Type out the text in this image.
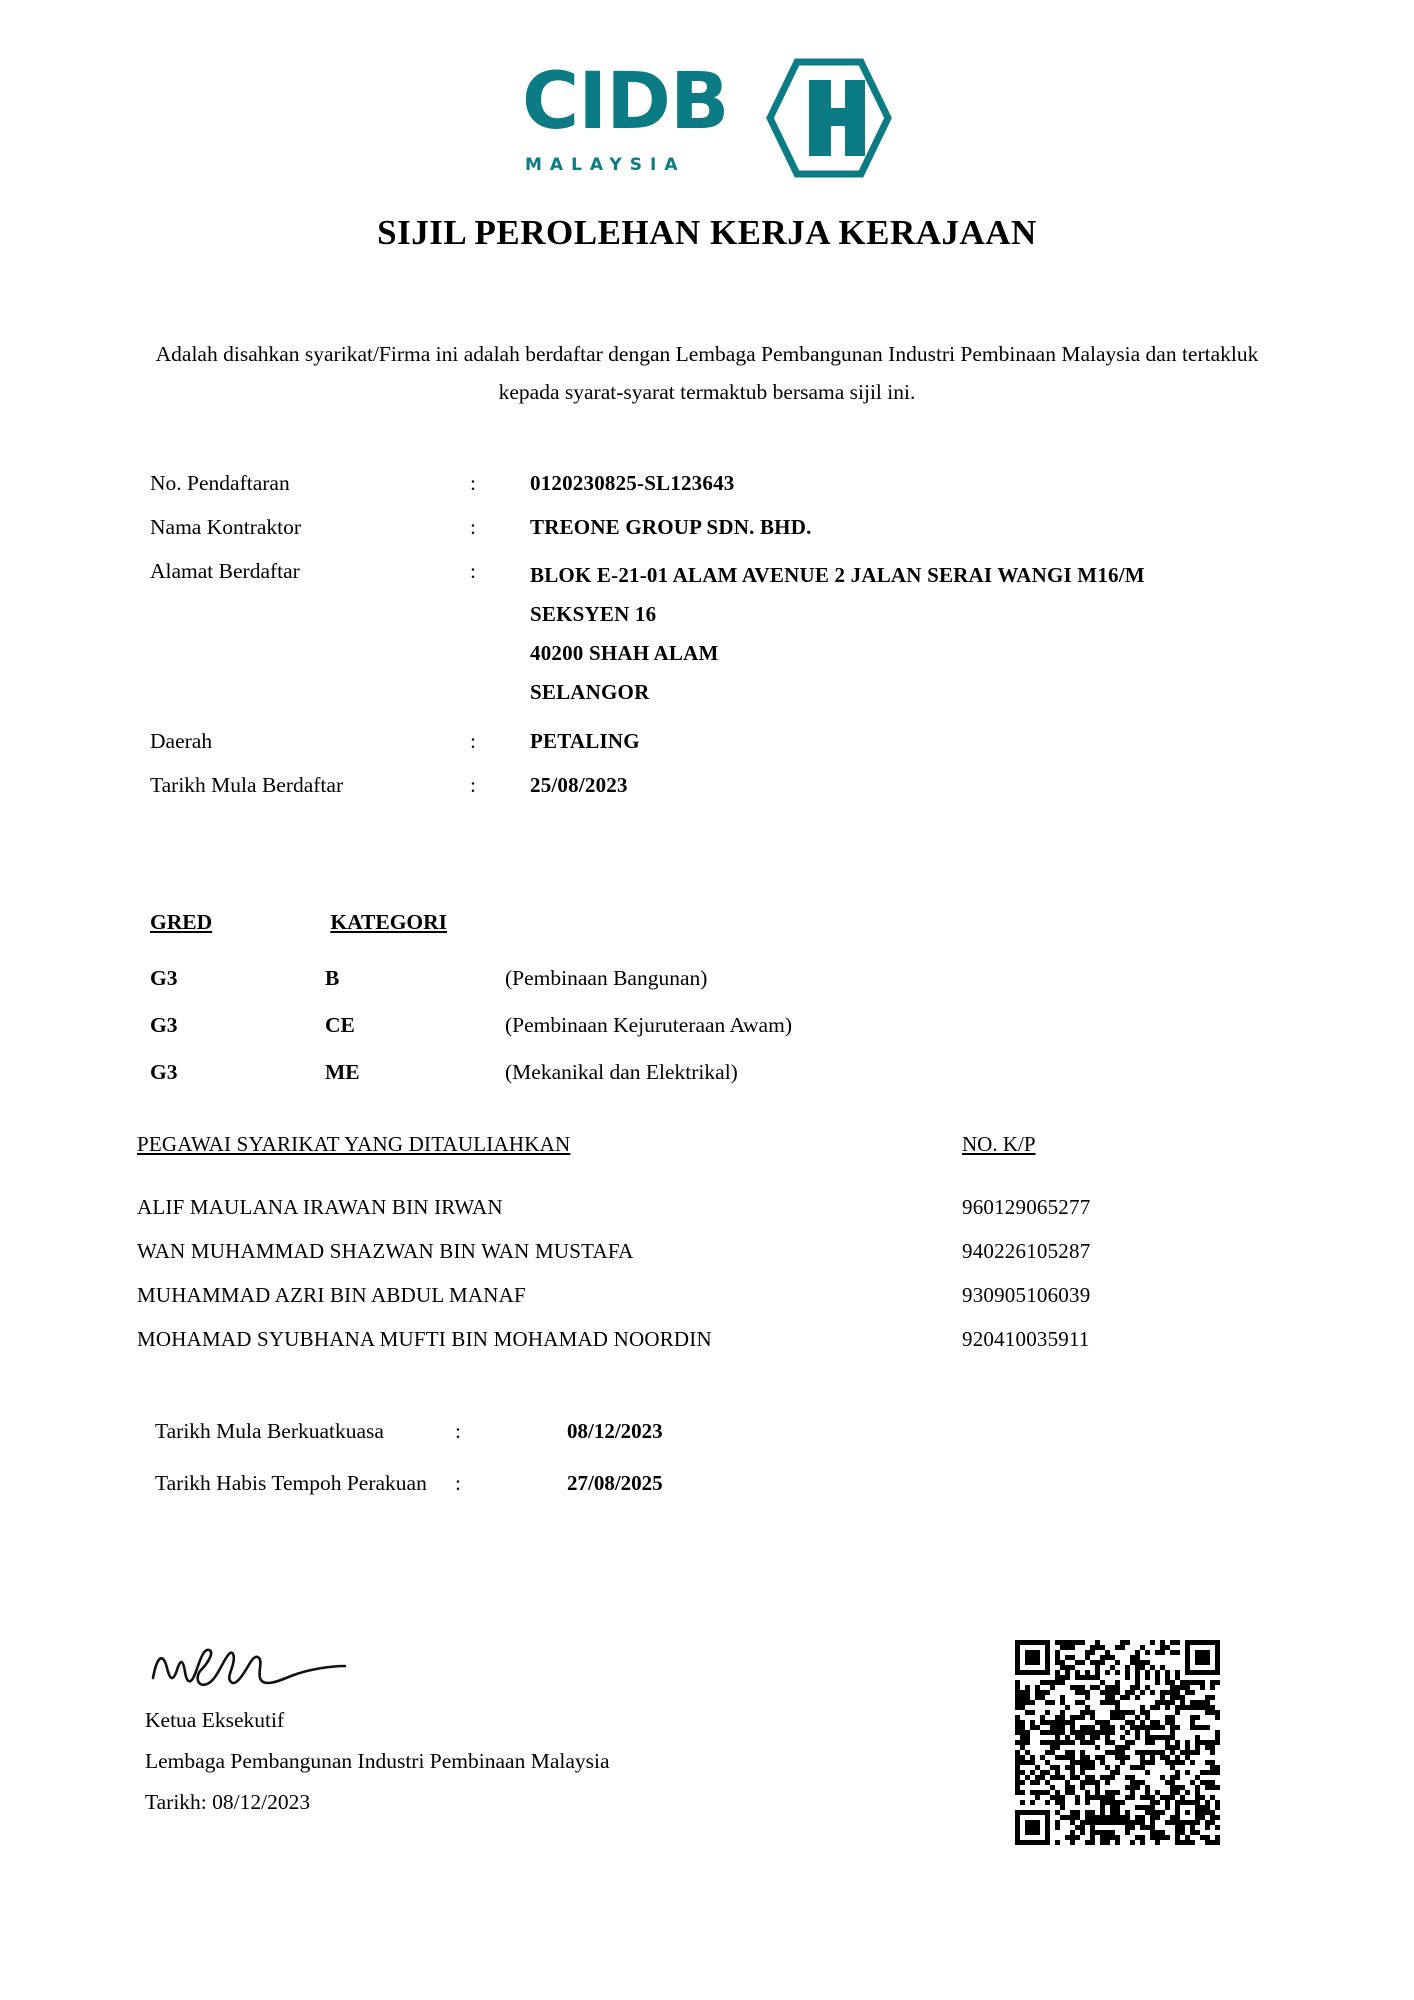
CIDB
MALAYSIA
SIJIL PEROLEHAN KERJA KERAJAAN
Adalah disahkan syarikat/Firma ini adalah berdaftar dengan Lembaga Pembangunan Industri Pembinaan Malaysia dan tertakluk kepada syarat-syarat termaktub bersama sijil ini.
No. Pendaftaran	:	0120230825-SL123643
Nama Kontraktor	:	TREONE GROUP SDN. BHD.
Alamat Berdaftar	:	BLOK E-21-01 ALAM AVENUE 2 JALAN SERAI WANGI M16/M
SEKSYEN 16
40200 SHAH ALAM
SELANGOR
Daerah	:	PETALING
Tarikh Mula Berdaftar	:	25/08/2023
GRED	KATEGORI
G3	B	(Pembinaan Bangunan)
G3	CE	(Pembinaan Kejuruteraan Awam)
G3	ME	(Mekanikal dan Elektrikal)
PEGAWAI SYARIKAT YANG DITAULIAHKAN	NO. K/P
ALIF MAULANA IRAWAN BIN IRWAN	960129065277
WAN MUHAMMAD SHAZWAN BIN WAN MUSTAFA	940226105287
MUHAMMAD AZRI BIN ABDUL MANAF	930905106039
MOHAMAD SYUBHANA MUFTI BIN MOHAMAD NOORDIN	920410035911
Tarikh Mula Berkuatkuasa	:	08/12/2023
Tarikh Habis Tempoh Perakuan :	27/08/2025
Ketua Eksekutif
Lembaga Pembangunan Industri Pembinaan Malaysia
Tarikh: 08/12/2023
